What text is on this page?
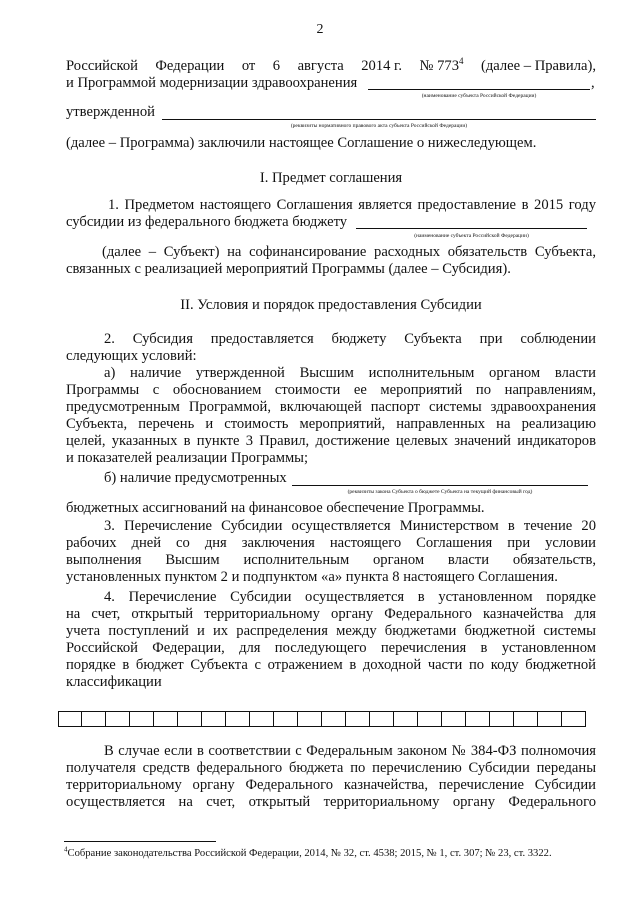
2
Российской Федерации от 6 августа 2014 г. № $773^4$ (далее – Правила),
и Программой модернизации здравоохранения	,
(наименование субъекта Российской Федерации)
утвержденной
(реквизиты нормативного правового акта субъекта Российской Федерации)
(далее – Программа) заключили настоящее Соглашение о нижеследующем.
I. Предмет соглашения
1. Предметом настоящего Соглашения является предоставление в 2015 году
субсидии из федерального бюджета бюджету
(наименование субъекта Российской Федерации)
(далее – Субъект) на софинансирование расходных обязательств Субъекта,
связанных с реализацией мероприятий Программы (далее – Субсидия).
II. Условия и порядок предоставления Субсидии
2. Субсидия предоставляется бюджету Субъекта при соблюдении
следующих условий:
а) наличие утвержденной Высшим исполнительным органом власти
Программы с обоснованием стоимости ее мероприятий по направлениям,
предусмотренным Программой, включающей паспорт системы здравоохранения
Субъекта, перечень и стоимость мероприятий, направленных на реализацию
целей, указанных в пункте 3 Правил, достижение целевых значений индикаторов
и показателей реализации Программы;
б) наличие предусмотренных
(реквизиты закона Субъекта о бюджете Субъекта на текущий финансовый год)
бюджетных ассигнований на финансовое обеспечение Программы.
3. Перечисление Субсидии осуществляется Министерством в течение 20
рабочих дней со дня заключения настоящего Соглашения при условии
выполнения Высшим исполнительным органом власти обязательств,
установленных пунктом 2 и подпунктом «а» пункта 8 настоящего Соглашения.
4. Перечисление Субсидии осуществляется в установленном порядке
на счет, открытый территориальному органу Федерального казначейства для
учета поступлений и их распределения между бюджетами бюджетной системы
Российской Федерации, для последующего перечисления в установленном
порядке в бюджет Субъекта с отражением в доходной части по коду бюджетной
классификации
В случае если в соответствии с Федеральным законом № 384-ФЗ полномочия
получателя средств федерального бюджета по перечислению Субсидии переданы
территориальному органу Федерального казначейства, перечисление Субсидии
осуществляется на счет, открытый территориальному органу Федерального
$^4$Собрание законодательства Российской Федерации, 2014, № 32, ст. 4538; 2015, № 1, ст. 307; № 23, ст. 3322.
